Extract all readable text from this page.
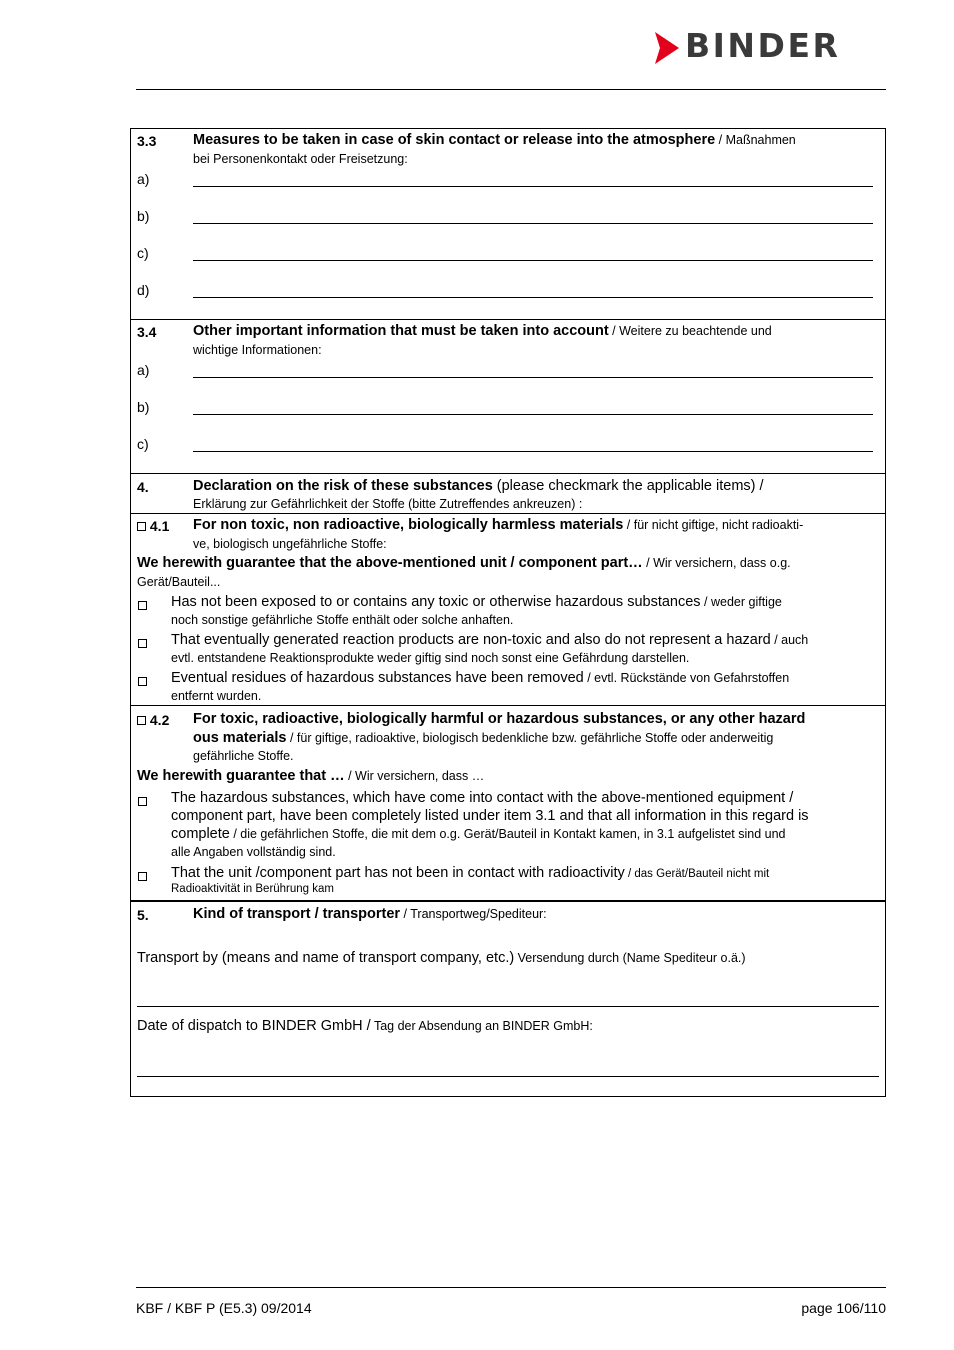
BINDER
3.3	Measures to be taken in case of skin contact or release into the atmosphere / Maßnahmen
bei Personenkontakt oder Freisetzung:
a)
b)
c)
d)
3.4	Other important information that must be taken into account / Weitere zu beachtende und
wichtige Informationen:
a)
b)
c)
4.	Declaration on the risk of these substances (please checkmark the applicable items) /
Erklärung zur Gefährlichkeit der Stoffe (bitte Zutreffendes ankreuzen) :
4.1 For non toxic, non radioactive, biologically harmless materials / für nicht giftige, nicht radioakti-
ve, biologisch ungefährliche Stoffe:
We herewith guarantee that the above-mentioned unit / component part… / Wir versichern, dass o.g.
Gerät/Bauteil...
Has not been exposed to or contains any toxic or otherwise hazardous substances / weder giftige
noch sonstige gefährliche Stoffe enthält oder solche anhaften.
That eventually generated reaction products are non-toxic and also do not represent a hazard / auch
evtl. entstandene Reaktionsprodukte weder giftig sind noch sonst eine Gefährdung darstellen.
Eventual residues of hazardous substances have been removed / evtl. Rückstände von Gefahrstoffen
entfernt wurden.
4.2 For toxic, radioactive, biologically harmful or hazardous substances, or any other hazard
ous materials / für giftige, radioaktive, biologisch bedenkliche bzw. gefährliche Stoffe oder anderweitig
gefährliche Stoffe.
We herewith guarantee that … / Wir versichern, dass …
The hazardous substances, which have come into contact with the above-mentioned equipment /
component part, have been completely listed under item 3.1 and that all information in this regard is
complete / die gefährlichen Stoffe, die mit dem o.g. Gerät/Bauteil in Kontakt kamen, in 3.1 aufgelistet sind und
alle Angaben vollständig sind.
That the unit /component part has not been in contact with radioactivity / das Gerät/Bauteil nicht mit
Radioaktivität in Berührung kam
5.	Kind of transport / transporter / Transportweg/Spediteur:
Transport by (means and name of transport company, etc.) Versendung durch (Name Spediteur o.ä.)
Date of dispatch to BINDER GmbH / Tag der Absendung an BINDER GmbH:
KBF / KBF P (E5.3) 09/2014	page 106/110
